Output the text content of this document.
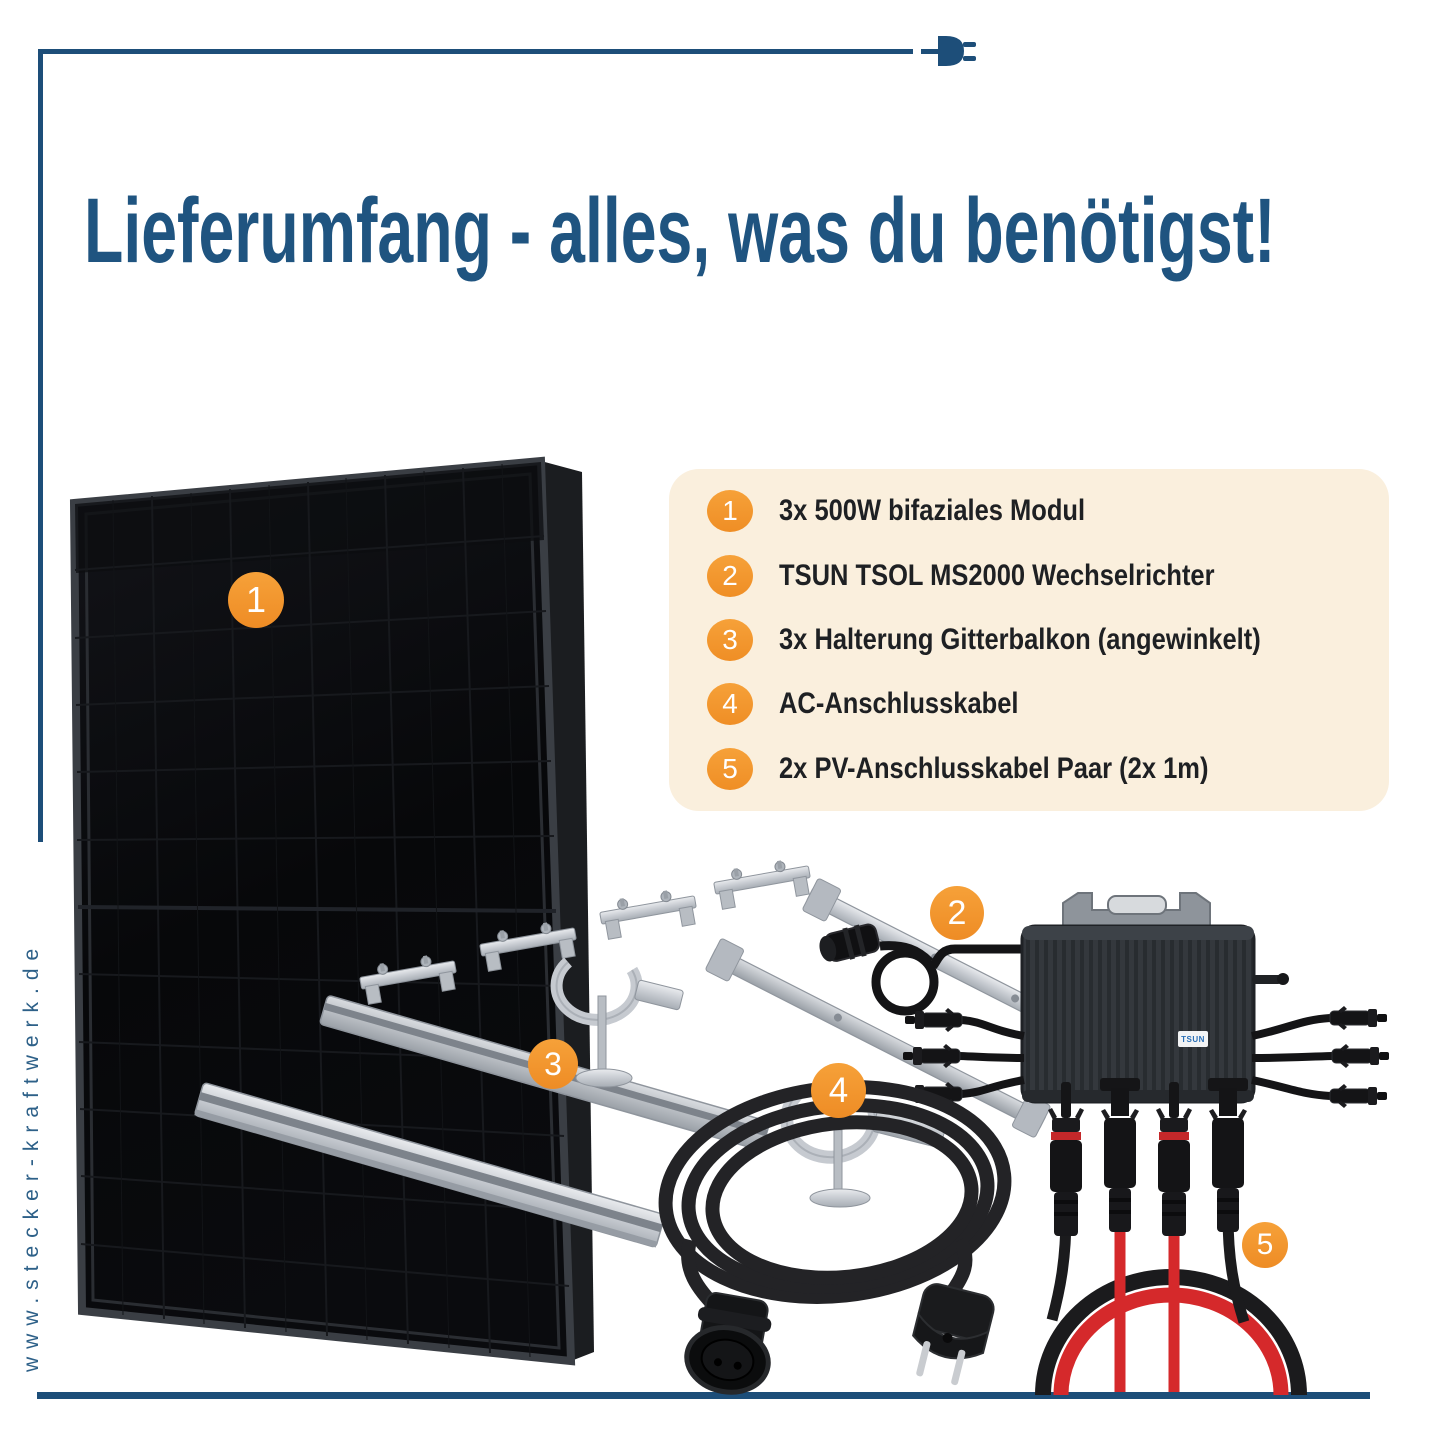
www.stecker-kraftwerk.de
Lieferumfang - alles, was du benötigst!
TSUN
1	3x 500W bifaziales Modul
2	TSUN TSOL MS2000 Wechselrichter
3	3x Halterung Gitterbalkon (angewinkelt)
4	AC-Anschlusskabel
5	2x PV-Anschlusskabel Paar (2x 1m)
1
2
3
4
5
